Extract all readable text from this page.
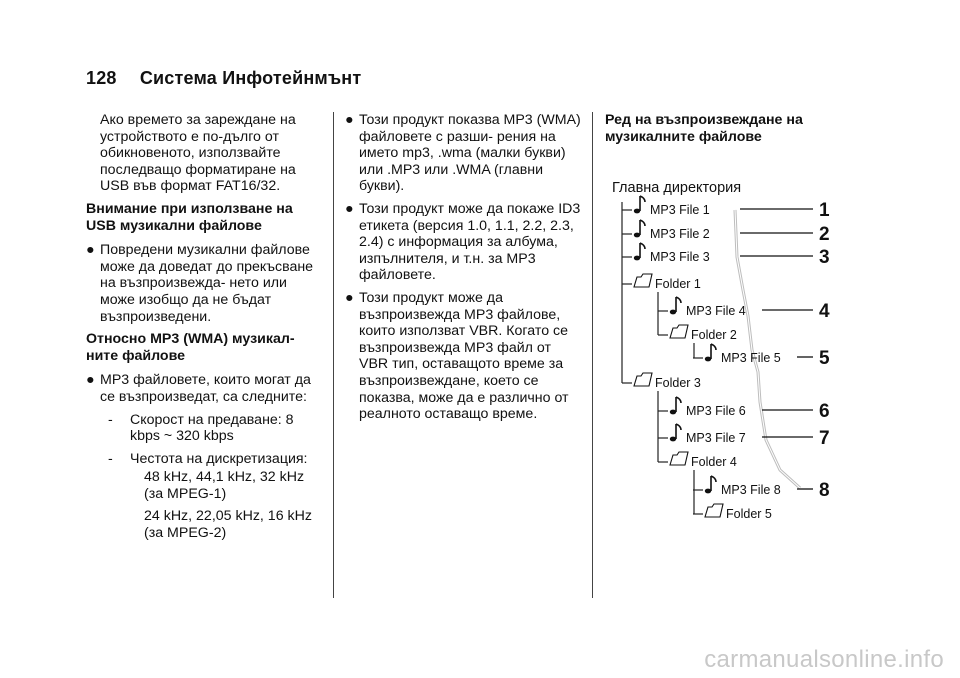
128 Система Инфотейнмънт

Ако времето за зареждане на устройството е по-дълго от обикновеното, използвайте последващо форматиране на USB във формат FAT16/32.

Внимание при използване на USB музикални файлове

● Повредени музикални файлове може да доведат до прекъсване на възпроизвежда- нето или може изобщо да не бъдат възпроизведени.

Относно MP3 (WMA) музикал- ните файлове

● MP3 файловете, които могат да се възпроизведат, са следните:

- Скорост на предаване: 8 kbps ~ 320 kbps

- Честота на дискретизация:

48 kHz, 44,1 kHz, 32 kHz (за MPEG-1)

24 kHz, 22,05 kHz, 16 kHz (за MPEG-2)

● Този продукт показва MP3 (WMA) файловете с разши- рения на името mp3, .wma (малки букви) или .MP3 или .WMA (главни букви).

● Този продукт може да покаже ID3 етикета (версия 1.0, 1.1, 2.2, 2.3, 2.4) с информация за албума, изпълнителя, и т.н. за MP3 файловете.

● Този продукт може да възпроизвежда MP3 файлове, които използват VBR. Когато се възпроизвежда MP3 файл от VBR тип, оставащото време за възпроизвеждане, което се показва, може да е различно от реалното оставащо време.

Ред на възпроизвеждане на музикалните файлове

Главна директория
MP3 File 1	1
MP3 File 2	2
MP3 File 3	3
Folder 1
MP3 File 4	4
Folder 2
MP3 File 5 5
Folder 3
MP3 File 6	6
MP3 File 7	7
Folder 4
MP3 File 8 8
Folder 5
carmanualsonline.info
